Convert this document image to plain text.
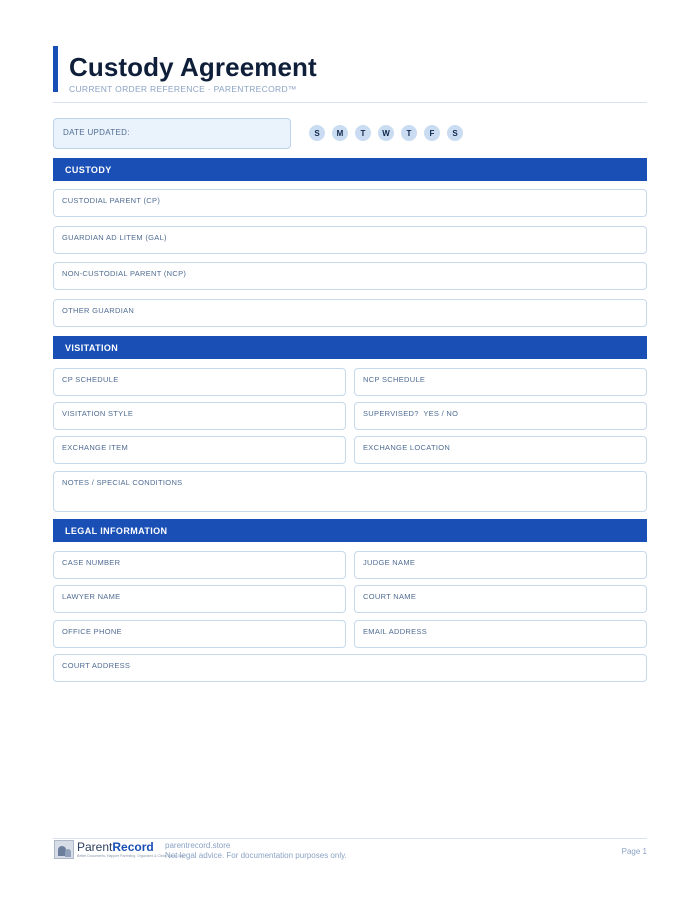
Custody Agreement
CURRENT ORDER REFERENCE · PARENTRECORD™
DATE UPDATED:	S	M	T	W	T	F	S
CUSTODY
CUSTODIAL PARENT (CP)
GUARDIAN AD LITEM (GAL)
NON-CUSTODIAL PARENT (NCP)
OTHER GUARDIAN
VISITATION
CP SCHEDULE	NCP SCHEDULE
VISITATION STYLE	SUPERVISED?  YES / NO
EXCHANGE ITEM	EXCHANGE LOCATION
NOTES / SPECIAL CONDITIONS
LEGAL INFORMATION
CASE NUMBER	JUDGE NAME
LAWYER NAME	COURT NAME
OFFICE PHONE	EMAIL ADDRESS
COURT ADDRESS
ParentRecord
Better Documents. Happier Parenting. Organized & Clear. Every Day.
parentrecord.store
Not legal advice. For documentation purposes only.	Page 1
